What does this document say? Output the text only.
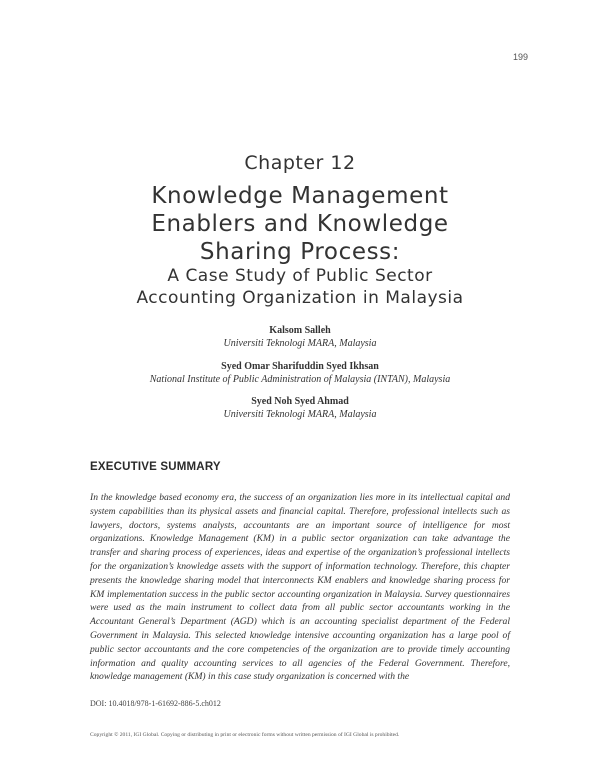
199
Chapter 12
Knowledge Management
Enablers and Knowledge
Sharing Process:
A Case Study of Public Sector
Accounting Organization in Malaysia
Kalsom Salleh
Universiti Teknologi MARA, Malaysia
Syed Omar Sharifuddin Syed Ikhsan
National Institute of Public Administration of Malaysia (INTAN), Malaysia
Syed Noh Syed Ahmad
Universiti Teknologi MARA, Malaysia
EXECUTIVE SUMMARY

In the knowledge based economy era, the success of an organization lies more in its intellectual capital and system capabilities than its physical assets and financial capital. Therefore, professional intellects such as lawyers, doctors, systems analysts, accountants are an important source of intelligence for most organizations. Knowledge Management (KM) in a public sector organization can take advantage the transfer and sharing process of experiences, ideas and expertise of the organization’s professional intellects for the organization’s knowledge assets with the support of information technology. Therefore, this chapter presents the knowledge sharing model that interconnects KM enablers and knowledge sharing process for KM implementation success in the public sector accounting organization in Malaysia. Survey questionnaires were used as the main instrument to collect data from all public sector accountants working in the Accountant General’s Department (AGD) which is an accounting specialist department of the Federal Government in Malaysia. This selected knowledge intensive accounting organization has a large pool of public sector accountants and the core competencies of the organization are to provide timely accounting information and quality accounting services to all agencies of the Federal Government. Therefore, knowledge management (KM) in this case study organization is concerned with the

DOI: 10.4018/978-1-61692-886-5.ch012
Copyright © 2011, IGI Global. Copying or distributing in print or electronic forms without written permission of IGI Global is prohibited.
